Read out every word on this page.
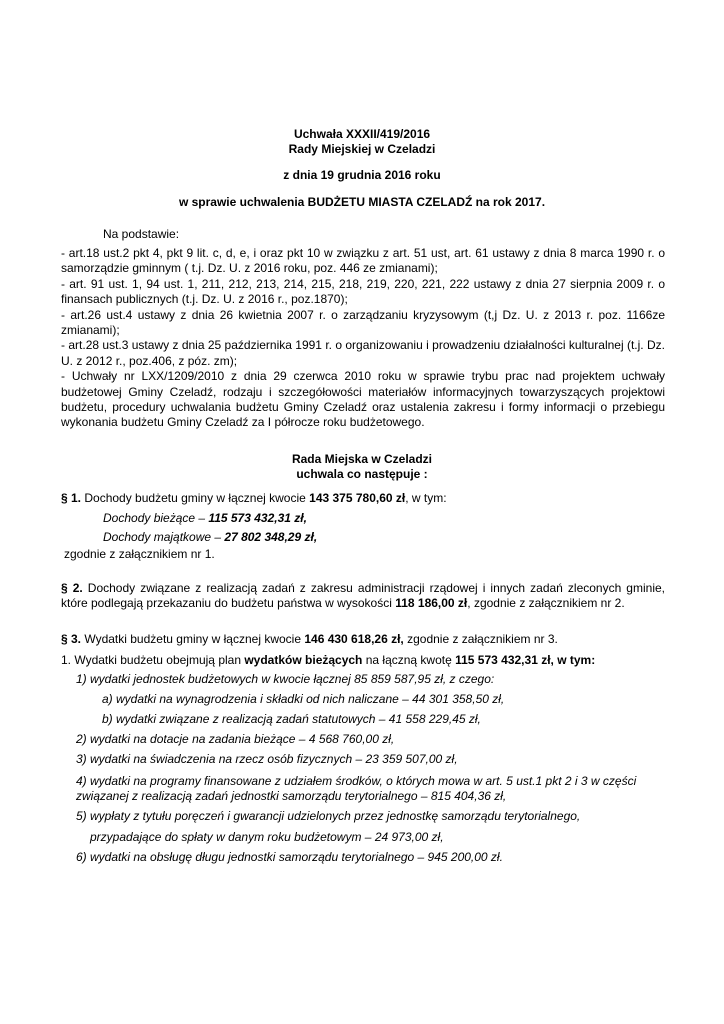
Uchwała XXXII/419/2016
Rady Miejskiej w Czeladzi
z dnia 19 grudnia 2016 roku
w sprawie uchwalenia BUDŻETU MIASTA CZELADŹ na rok 2017.
Na podstawie:
- art.18 ust.2 pkt 4, pkt 9 lit. c, d, e, i oraz pkt 10 w związku z art. 51 ust, art. 61 ustawy z dnia 8 marca 1990 r. o samorządzie gminnym ( t.j. Dz. U. z 2016 roku, poz. 446 ze zmianami);
- art. 91 ust. 1, 94 ust. 1, 211, 212, 213, 214, 215, 218, 219, 220, 221, 222 ustawy z dnia 27 sierpnia 2009 r. o finansach publicznych (t.j. Dz. U. z 2016 r., poz.1870);
- art.26 ust.4 ustawy z dnia 26 kwietnia 2007 r. o zarządzaniu kryzysowym (t,j Dz. U. z 2013 r. poz. 1166ze zmianami);
- art.28 ust.3 ustawy z dnia 25 października 1991 r. o organizowaniu i prowadzeniu działalności kulturalnej (t.j. Dz. U. z 2012 r., poz.406, z póz. zm);
- Uchwały nr LXX/1209/2010 z dnia 29 czerwca 2010 roku w sprawie trybu prac nad projektem uchwały budżetowej Gminy Czeladź, rodzaju i szczegółowości materiałów informacyjnych towarzyszących projektowi budżetu, procedury uchwalania budżetu Gminy Czeladź oraz ustalenia zakresu i formy informacji o przebiegu wykonania budżetu Gminy Czeladź za I półrocze roku budżetowego.
Rada Miejska w Czeladzi
uchwala co następuje :
§ 1. Dochody budżetu gminy w łącznej kwocie 143 375 780,60 zł, w tym:
Dochody bieżące – 115 573 432,31 zł,
Dochody majątkowe – 27 802 348,29 zł,
zgodnie z załącznikiem nr 1.
§ 2. Dochody związane z realizacją zadań z zakresu administracji rządowej i innych zadań zleconych gminie, które podlegają przekazaniu do budżetu państwa w wysokości 118 186,00 zł, zgodnie z załącznikiem nr 2.
§ 3. Wydatki budżetu gminy w łącznej kwocie 146 430 618,26 zł, zgodnie z załącznikiem nr 3.
1. Wydatki budżetu obejmują plan wydatków bieżących na łączną kwotę 115 573 432,31 zł, w tym:
1) wydatki jednostek budżetowych w kwocie łącznej 85 859 587,95 zł, z czego:
a) wydatki na wynagrodzenia i składki od nich naliczane – 44 301 358,50 zł,
b) wydatki związane z realizacją zadań statutowych – 41 558 229,45 zł,
2) wydatki na dotacje na zadania bieżące – 4 568 760,00 zł,
3) wydatki na świadczenia na rzecz osób fizycznych – 23 359 507,00 zł,
4) wydatki na programy finansowane z udziałem środków, o których mowa w art. 5 ust.1 pkt 2 i 3 w części
związanej z realizacją zadań jednostki samorządu terytorialnego – 815 404,36 zł,
5) wypłaty z tytułu poręczeń i gwarancji udzielonych przez jednostkę samorządu terytorialnego,
przypadające do spłaty w danym roku budżetowym – 24 973,00 zł,
6) wydatki na obsługę długu jednostki samorządu terytorialnego – 945 200,00 zł.
